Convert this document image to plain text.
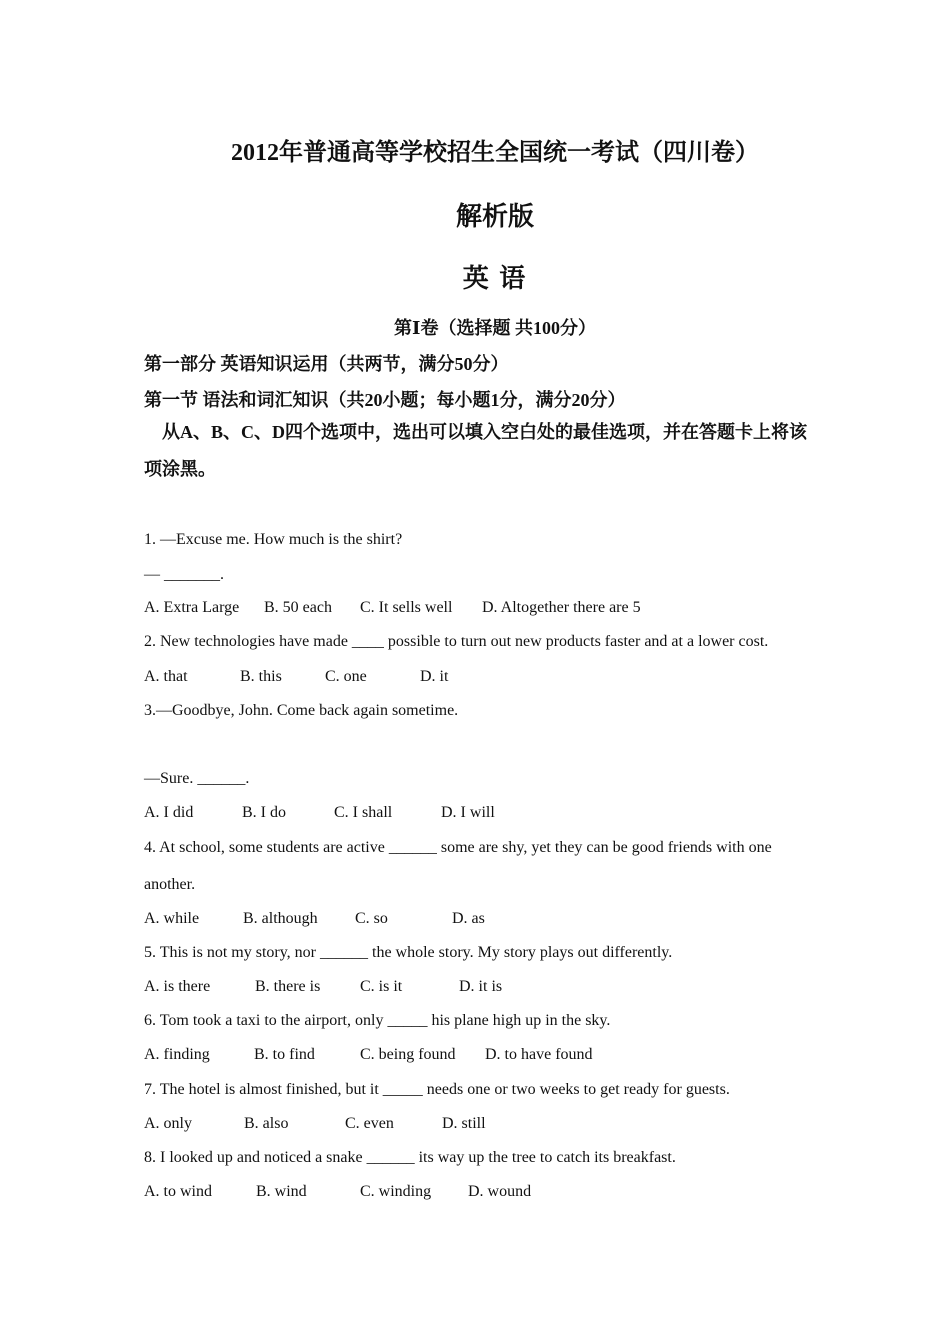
2012年普通高等学校招生全国统一考试（四川卷）
解析版
英 语
第Ⅰ卷（选择题 共100分）
第一部分 英语知识运用（共两节，满分50分）
第一节 语法和词汇知识（共20小题；每小题1分，满分20分）
从A、B、C、D四个选项中，选出可以填入空白处的最佳选项，并在答题卡上将该项涂黑。
1. —Excuse me. How much is the shirt?
— _______.
A. Extra Large B. 50 each C. It sells well D. Altogether there are 5
2. New technologies have made ____ possible to turn out new products faster and at a lower cost.
A. that	B. this	C. one	D. it
3.—Goodbye, John. Come back again sometime.
—Sure. ______.
A. I did	B. I do	C. I shall	D. I will
4. At school, some students are active ______ some are shy, yet they can be good friends with one another.
A. while	B. although C. so	D. as
5. This is not my story, nor ______ the whole story. My story plays out differently.
A. is there	B. there is C. is it	D. it is
6. Tom took a taxi to the airport, only _____ his plane high up in the sky.
A. finding	B. to find	C. being found D. to have found
7. The hotel is almost finished, but it _____ needs one or two weeks to get ready for guests.
A. only	B. also	C. even	D. still
8. I looked up and noticed a snake ______ its way up the tree to catch its breakfast.
A. to wind	B. wind	C. winding D. wound
